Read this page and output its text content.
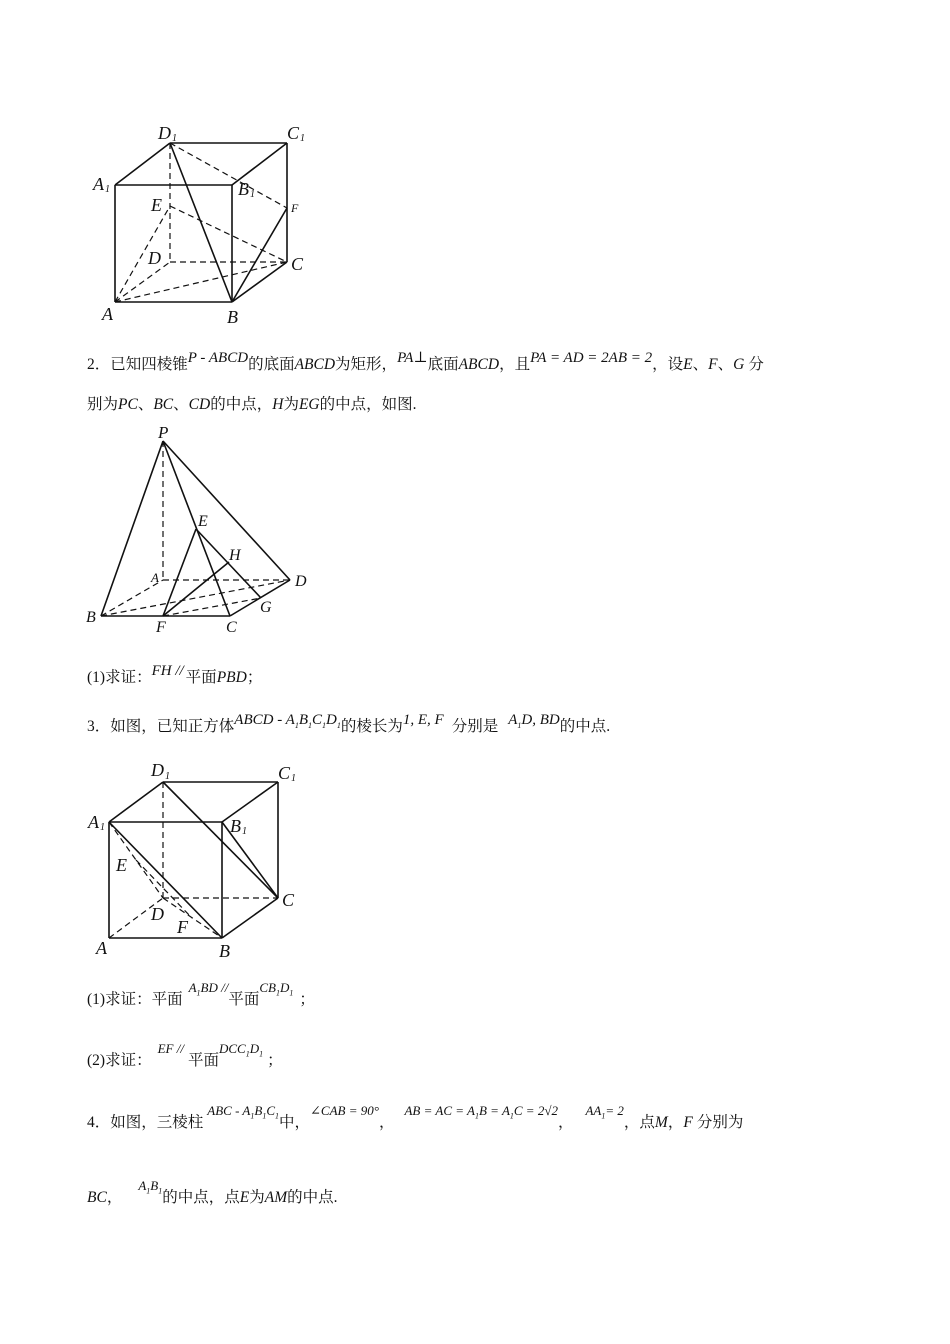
D 1	C 1
A 1	B 1
E	F
D	C
A	B
2．已知四棱锥P - ABCD的底面ABCD为矩形，PA⊥底面ABCD，且PA = AD = 2AB = 2，设E、F、G 分
别为PC、BC、CD的中点，H为EG的中点，如图.
P
E
H
A	D
G
B
F	C
(1)求证：FH // 平面PBD；
3．如图，已知正方体ABCD - $A_1B_1C_1D_1$的棱长为1, E, F 分别是 $A_1D$, BD的中点.
D 1	C 1
A 1	B 1
E
D
C
F
A	B
(1)求证：平面$A_1BD$ //平面$CB_1D_1$ ；
(2)求证：EF //平面$DCC_1D_1$ ；
4．如图，三棱柱ABC - $A_1B_1C_1$中，∠CAB = 90°，AB = AC = $A_1B = A_1C = 2√2$，$AA_1= 2$，点M，F 分别为
BC，$A_1B_1$的中点，点E为AM的中点.
